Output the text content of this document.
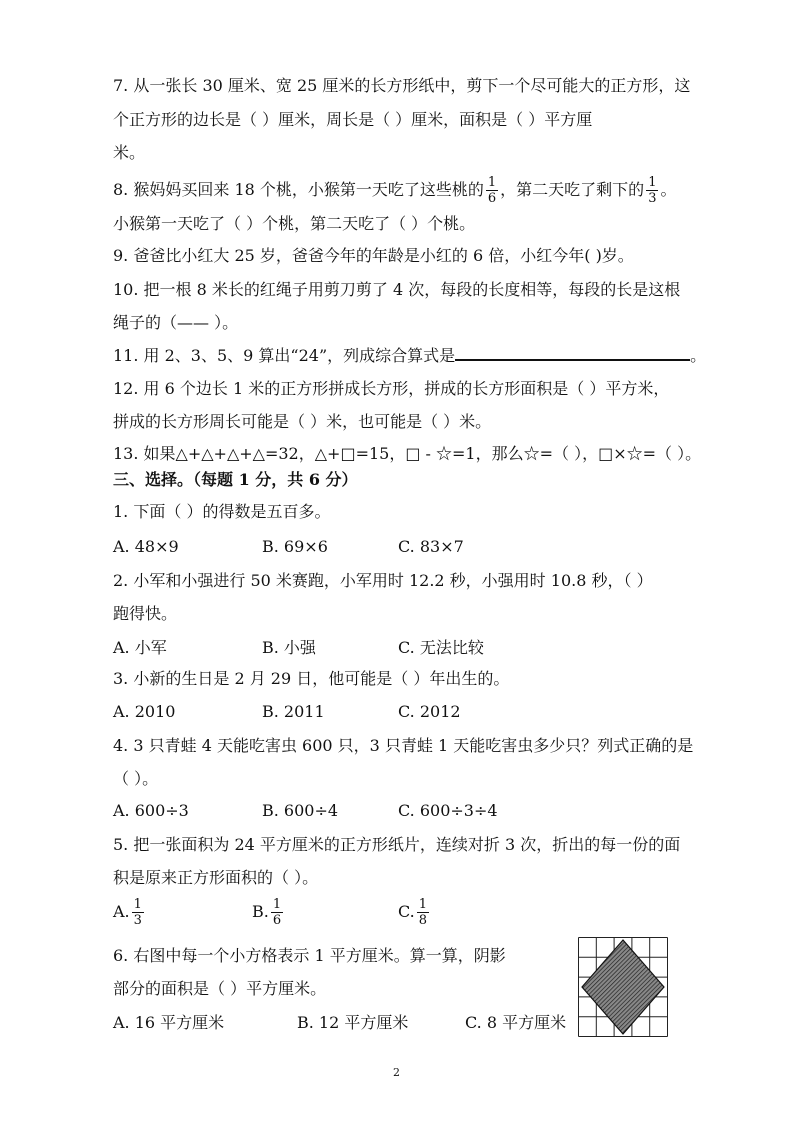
7. 从一张长 30 厘米、宽 25 厘米的长方形纸中，剪下一个尽可能大的正方形，这
个正方形的边长是（ ）厘米，周长是（ ）厘米，面积是（ ）平方厘
米。
8. 猴妈妈买回来 18 个桃，小猴第一天吃了这些桃的 $\frac{1}{6}$ ，第二天吃了剩下的 $\frac{1}{3}$ 。
小猴第一天吃了（ ）个桃，第二天吃了（ ）个桃。
9. 爸爸比小红大 25 岁，爸爸今年的年龄是小红的 6 倍，小红今年( )岁。
10. 把一根 8 米长的红绳子用剪刀剪了 4 次，每段的长度相等，每段的长是这根
绳子的（—— ）。
11. 用 2、3、5、9 算出“24”，列成综合算式是	。
12. 用 6 个边长 1 米的正方形拼成长方形，拼成的长方形面积是（ ）平方米，
拼成的长方形周长可能是（ ）米，也可能是（ ）米。
13. 如果△+△+△+△=32，△+□=15，□ - ☆=1，那么☆=（ ），□×☆=（ ）。
三、选择。（每题 1 分，共 6 分）
1. 下面（ ）的得数是五百多。
A. 48×9	B. 69×6	C. 83×7
2. 小军和小强进行 50 米赛跑，小军用时 12.2 秒，小强用时 10.8 秒，（ ）
跑得快。
A. 小军	B. 小强	C. 无法比较
3. 小新的生日是 2 月 29 日，他可能是（ ）年出生的。
A. 2010	B. 2011	C. 2012
4. 3 只青蛙 4 天能吃害虫 600 只，3 只青蛙 1 天能吃害虫多少只？列式正确的是
（ ）。
A. 600÷3	B. 600÷4	C. 600÷3÷4
5. 把一张面积为 24 平方厘米的正方形纸片，连续对折 3 次，折出的每一份的面
积是原来正方形面积的（ ）。
A. $\frac{1}{3}$	B. $\frac{1}{6}$	C. $\frac{1}{8}$
6. 右图中每一个小方格表示 1 平方厘米。算一算，阴影
部分的面积是（ ）平方厘米。
A. 16 平方厘米	B. 12 平方厘米	C. 8 平方厘米
2
